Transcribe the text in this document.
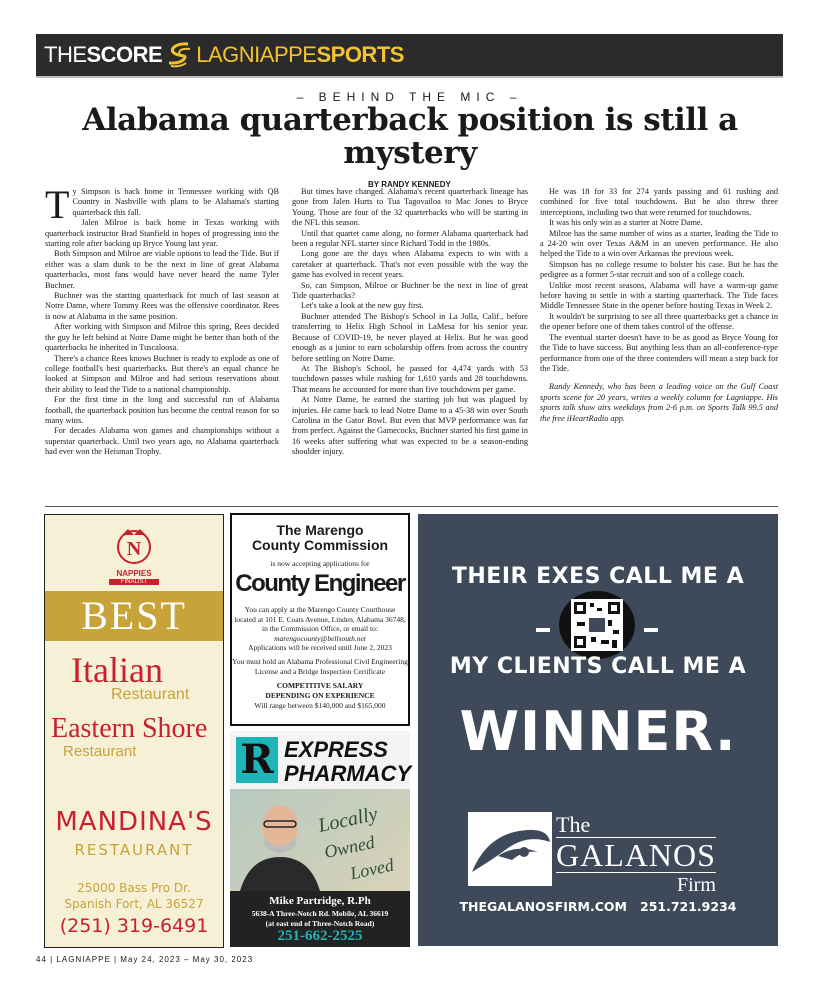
THE SCORE LAGNIAPPE SPORTS
– BEHIND THE MIC –
Alabama quarterback position is still a mystery
BY RANDY KENNEDY

Ty Simpson is back home in Tennessee working with QB Country in Nashville with plans to be Alabama's starting quarterback this fall.

Jalen Milroe is back home in Texas working with quarterback instructor Brad Stanfield in hopes of progressing into the starting role after backing up Bryce Young last year.

Both Simpson and Milroe are viable options to lead the Tide. But if either was a slam dunk to be the next in line of great Alabama quarterbacks, most fans would have never heard the name Tyler Buchner.

Buchner was the starting quarterback for much of last season at Notre Dame, where Tommy Rees was the offensive coordinator. Rees is now at Alabama in the same position.

After working with Simpson and Milroe this spring, Rees decided the guy he left behind at Notre Dame might be better than both of the quarterbacks he inherited in Tuscaloosa.

There's a chance Rees knows Buchner is ready to explode as one of college football's best quarterbacks. But there's an equal chance he looked at Simpson and Milroe and had serious reservations about their ability to lead the Tide to a national championship.

For the first time in the long and successful run of Alabama football, the quarterback position has become the central reason for so many wins.

For decades Alabama won games and championships without a superstar quarterback. Until two years ago, no Alabama quarterback had ever won the Heisman Trophy.

But times have changed. Alabama's recent quarterback lineage has gone from Jalen Hurts to Tua Tagovailoa to Mac Jones to Bryce Young. Those are four of the 32 quarterbacks who will be starting in the NFL this season.

Until that quartet came along, no former Alabama quarterback had been a regular NFL starter since Richard Todd in the 1980s.

Long gone are the days when Alabama expects to win with a caretaker at quarterback. That's not even possible with the way the game has evolved in recent years.

So, can Simpson, Milroe or Buchner be the next in line of great Tide quarterbacks?

Let's take a look at the new guy first.

Buchner attended The Bishop's School in La Jolla, Calif., before transferring to Helix High School in LaMesa for his senior year. Because of COVID-19, he never played at Helix. But he was good enough as a junior to earn scholarship offers from across the country before settling on Notre Dame.

At The Bishop's School, he passed for 4,474 yards with 53 touchdown passes while rushing for 1,610 yards and 28 touchdowns. That means he accounted for more than five touchdowns per game.

At Notre Dame, he earned the starting job but was plagued by injuries. He came back to lead Notre Dame to a 45-38 win over South Carolina in the Gator Bowl. But even that MVP performance was far from perfect. Against the Gamecocks, Buchner started his first game in 16 weeks after suffering what was expected to be a season-ending shoulder injury.

He was 18 for 33 for 274 yards passing and 61 rushing and combined for five total touchdowns. But he also threw three interceptions, including two that were returned for touchdowns.

It was his only win as a starter at Notre Dame.

Milroe has the same number of wins as a starter, leading the Tide to a 24-20 win over Texas A&M in an uneven performance. He also helped the Tide to a win over Arkansas the previous week.

Simpson has no college resume to bolster his case. But he has the pedigree as a former 5-star recruit and son of a college coach.

Unlike most recent seasons, Alabama will have a warm-up game before having to settle in with a starting quarterback. The Tide faces Middle Tennessee State in the opener before hosting Texas in Week 2.

It wouldn't be surprising to see all three quarterbacks get a chance in the opener before one of them takes control of the offense.

The eventual starter doesn't have to be as good as Bryce Young for the Tide to have success. But anything less than an all-conference-type performance from one of the three contenders will mean a step back for the Tide.

Randy Kennedy, who has been a leading voice on the Gulf Coast sports scene for 20 years, writes a weekly column for Lagniappe. His sports talk show airs weekdays from 2-6 p.m. on Sports Talk 99.5 and the free iHeartRadio app.

N
NAPPIES
FINALIST
BEST
Italian
Restaurant
Eastern Shore
Restaurant
MANDINA'S
RESTAURANT
25000 Bass Pro Dr.
Spanish Fort, AL 36527
(251) 319-6491
The Marengo
County Commission
is now accepting applications for
County Engineer
You can apply at the Marengo County Courthouse
located at 101 E. Coats Avenue, Linden, Alabama 36748,
in the Commission Office, or email to:
marengocounty@bellsouth.net
Applications will be received until June 2, 2023
You must hold an Alabama Professional Civil Engineering
License and a Bridge Inspection Certificate
COMPETITIVE SALARY
DEPENDING ON EXPERIENCE
Will range between $140,000 and $165,000
R EXPRESS
PHARMACY
Locally
Owned
Loved
Mike Partridge, R.Ph
5638-A Three-Notch Rd. Mobile, AL 36619
(at east end of Three-Notch Road)
251-662-2525
THEIR EXES CALL ME A
MY CLIENTS CALL ME A
WINNER.
The
GALANOS
Firm
THEGALANOSFIRM.COM   251.721.9234
44 | LAGNIAPPE | May 24, 2023 – May 30, 2023
